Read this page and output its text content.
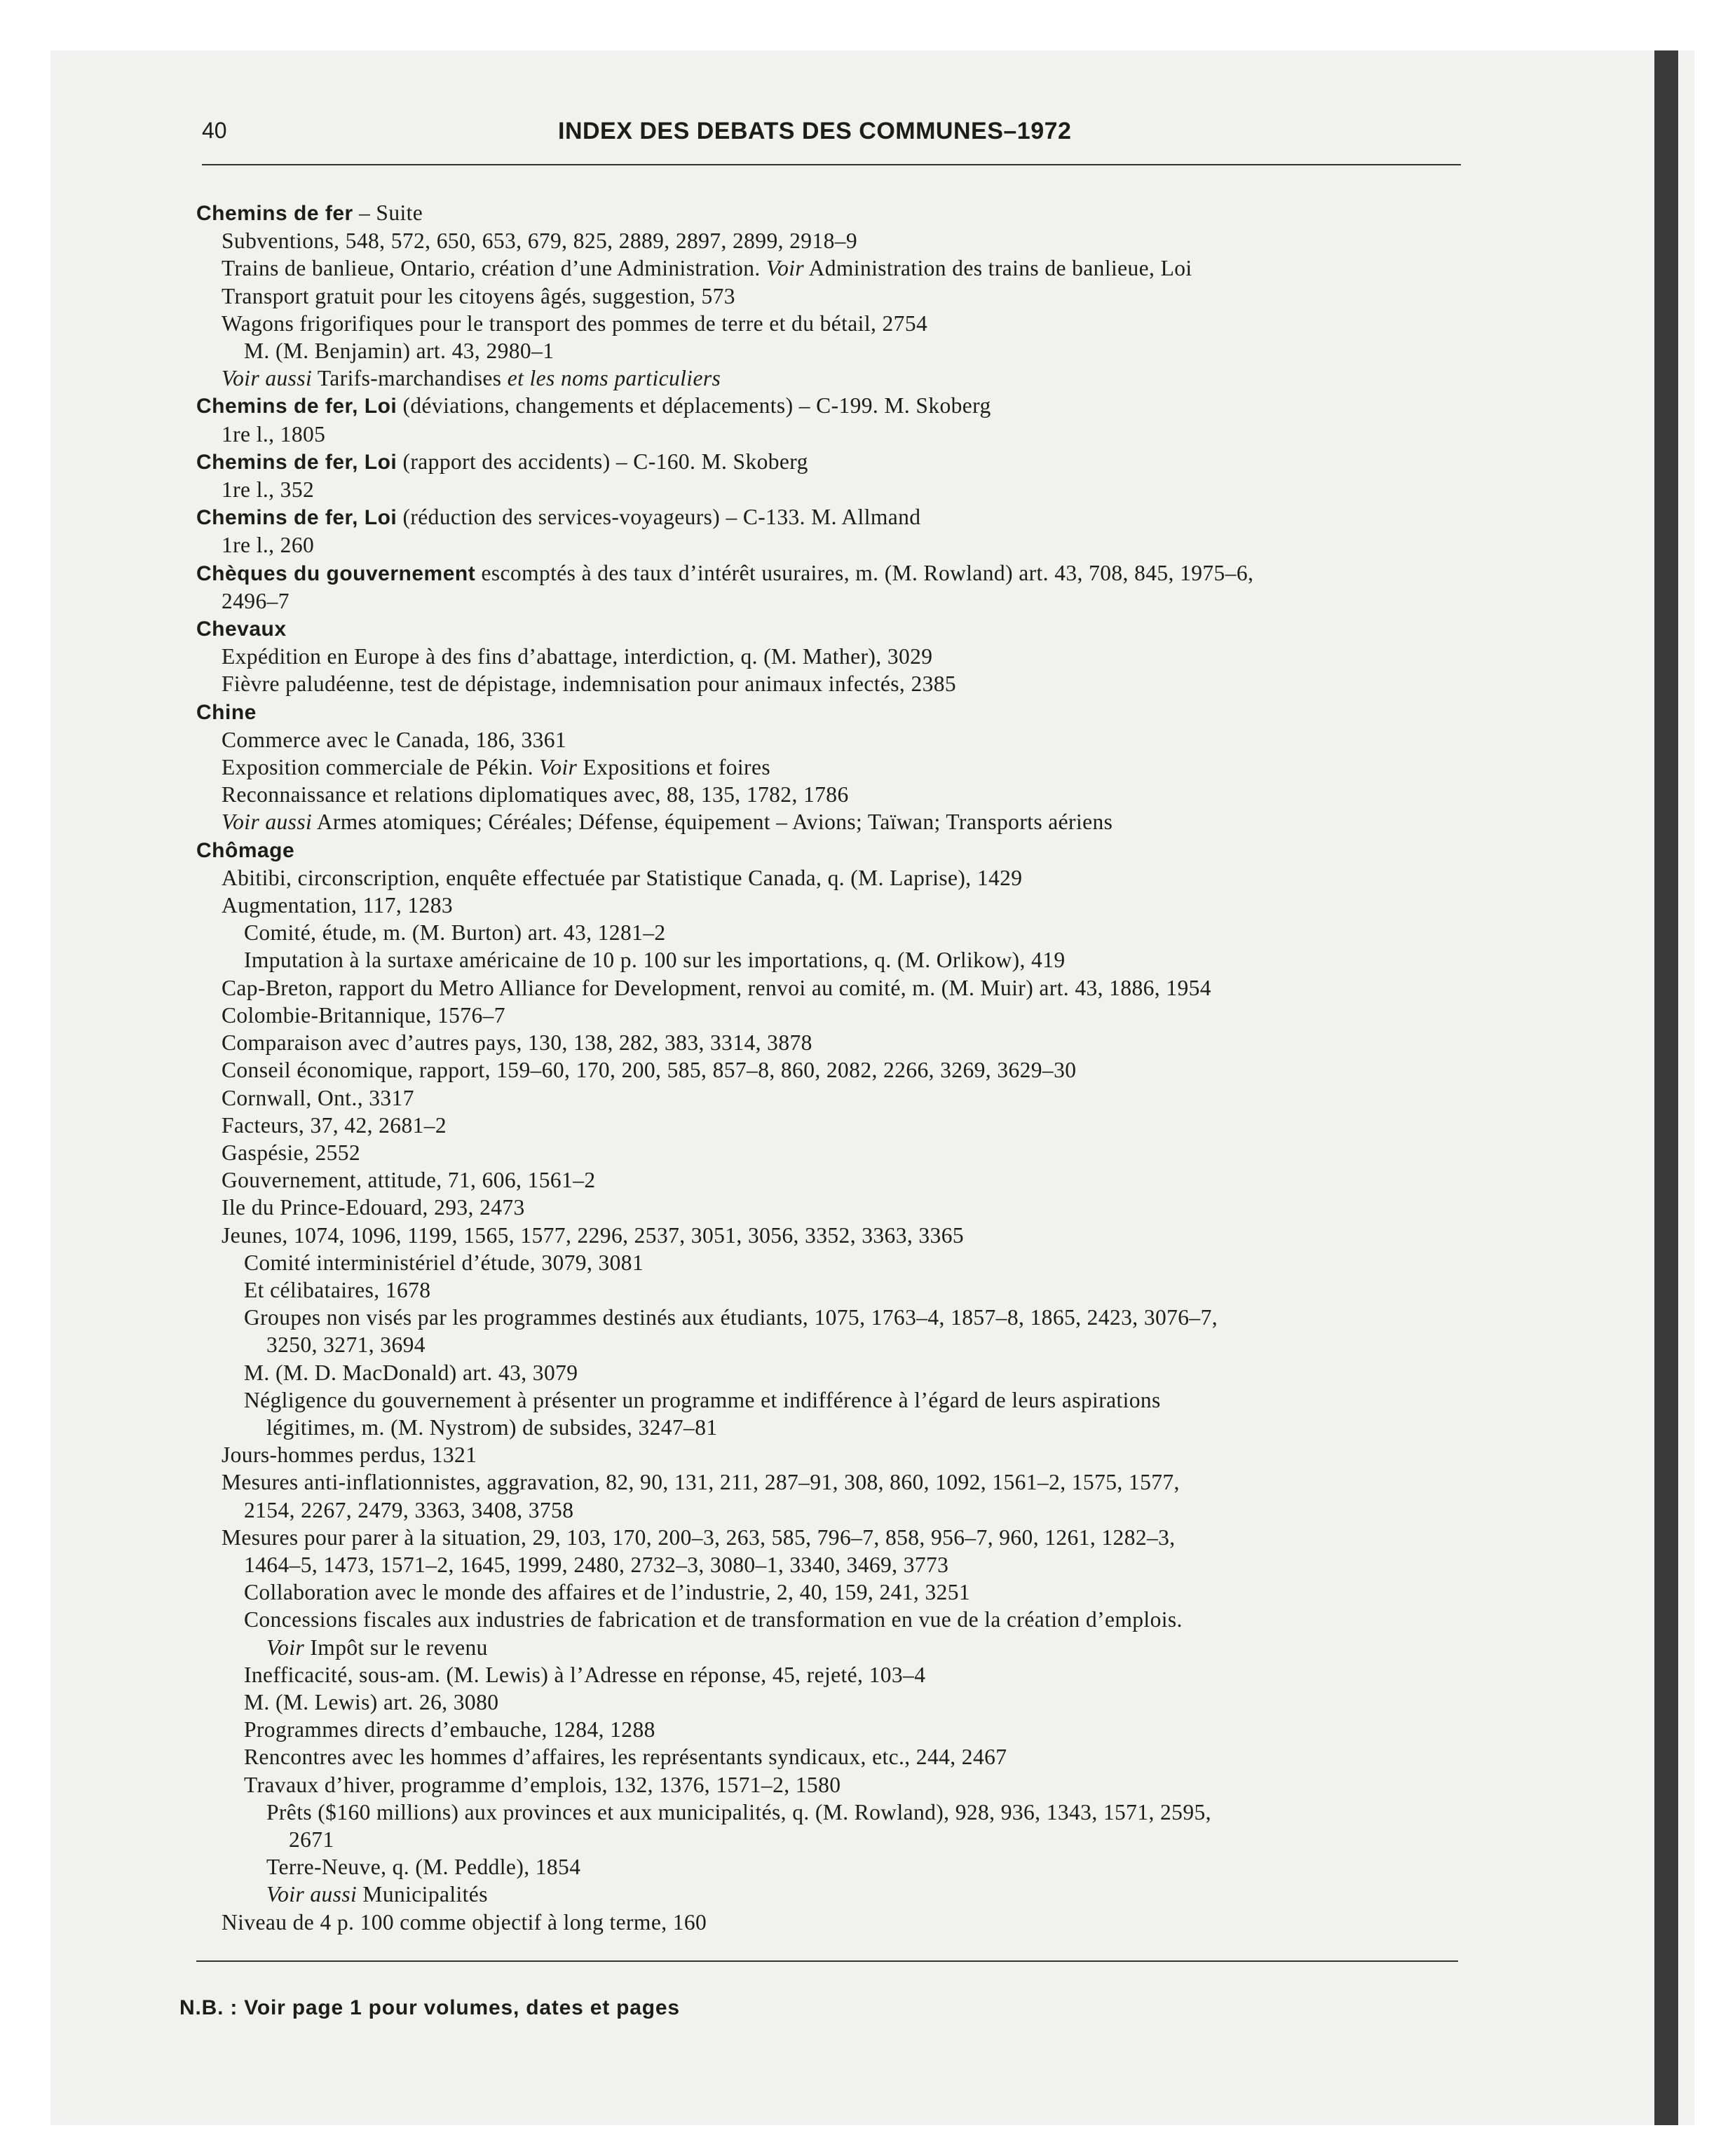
40	INDEX DES DEBATS DES COMMUNES–1972
Chemins de fer – Suite
Subventions, 548, 572, 650, 653, 679, 825, 2889, 2897, 2899, 2918–9
Trains de banlieue, Ontario, création d’une Administration. Voir Administration des trains de banlieue, Loi
Transport gratuit pour les citoyens âgés, suggestion, 573
Wagons frigorifiques pour le transport des pommes de terre et du bétail, 2754
M. (M. Benjamin) art. 43, 2980–1
Voir aussi Tarifs-marchandises et les noms particuliers
Chemins de fer, Loi (déviations, changements et déplacements) – C-199. M. Skoberg
1re l., 1805
Chemins de fer, Loi (rapport des accidents) – C-160. M. Skoberg
1re l., 352
Chemins de fer, Loi (réduction des services-voyageurs) – C-133. M. Allmand
1re l., 260
Chèques du gouvernement escomptés à des taux d’intérêt usuraires, m. (M. Rowland) art. 43, 708, 845, 1975–6,
2496–7
Chevaux
Expédition en Europe à des fins d’abattage, interdiction, q. (M. Mather), 3029
Fièvre paludéenne, test de dépistage, indemnisation pour animaux infectés, 2385
Chine
Commerce avec le Canada, 186, 3361
Exposition commerciale de Pékin. Voir Expositions et foires
Reconnaissance et relations diplomatiques avec, 88, 135, 1782, 1786
Voir aussi Armes atomiques; Céréales; Défense, équipement – Avions; Taïwan; Transports aériens
Chômage
Abitibi, circonscription, enquête effectuée par Statistique Canada, q. (M. Laprise), 1429
Augmentation, 117, 1283
Comité, étude, m. (M. Burton) art. 43, 1281–2
Imputation à la surtaxe américaine de 10 p. 100 sur les importations, q. (M. Orlikow), 419
Cap-Breton, rapport du Metro Alliance for Development, renvoi au comité, m. (M. Muir) art. 43, 1886, 1954
Colombie-Britannique, 1576–7
Comparaison avec d’autres pays, 130, 138, 282, 383, 3314, 3878
Conseil économique, rapport, 159–60, 170, 200, 585, 857–8, 860, 2082, 2266, 3269, 3629–30
Cornwall, Ont., 3317
Facteurs, 37, 42, 2681–2
Gaspésie, 2552
Gouvernement, attitude, 71, 606, 1561–2
Ile du Prince-Edouard, 293, 2473
Jeunes, 1074, 1096, 1199, 1565, 1577, 2296, 2537, 3051, 3056, 3352, 3363, 3365
Comité interministériel d’étude, 3079, 3081
Et célibataires, 1678
Groupes non visés par les programmes destinés aux étudiants, 1075, 1763–4, 1857–8, 1865, 2423, 3076–7,
3250, 3271, 3694
M. (M. D. MacDonald) art. 43, 3079
Négligence du gouvernement à présenter un programme et indifférence à l’égard de leurs aspirations
légitimes, m. (M. Nystrom) de subsides, 3247–81
Jours-hommes perdus, 1321
Mesures anti-inflationnistes, aggravation, 82, 90, 131, 211, 287–91, 308, 860, 1092, 1561–2, 1575, 1577,
2154, 2267, 2479, 3363, 3408, 3758
Mesures pour parer à la situation, 29, 103, 170, 200–3, 263, 585, 796–7, 858, 956–7, 960, 1261, 1282–3,
1464–5, 1473, 1571–2, 1645, 1999, 2480, 2732–3, 3080–1, 3340, 3469, 3773
Collaboration avec le monde des affaires et de l’industrie, 2, 40, 159, 241, 3251
Concessions fiscales aux industries de fabrication et de transformation en vue de la création d’emplois.
Voir Impôt sur le revenu
Inefficacité, sous-am. (M. Lewis) à l’Adresse en réponse, 45, rejeté, 103–4
M. (M. Lewis) art. 26, 3080
Programmes directs d’embauche, 1284, 1288
Rencontres avec les hommes d’affaires, les représentants syndicaux, etc., 244, 2467
Travaux d’hiver, programme d’emplois, 132, 1376, 1571–2, 1580
Prêts ($160 millions) aux provinces et aux municipalités, q. (M. Rowland), 928, 936, 1343, 1571, 2595,
2671
Terre-Neuve, q. (M. Peddle), 1854
Voir aussi Municipalités
Niveau de 4 p. 100 comme objectif à long terme, 160
N.B. : Voir page 1 pour volumes, dates et pages
